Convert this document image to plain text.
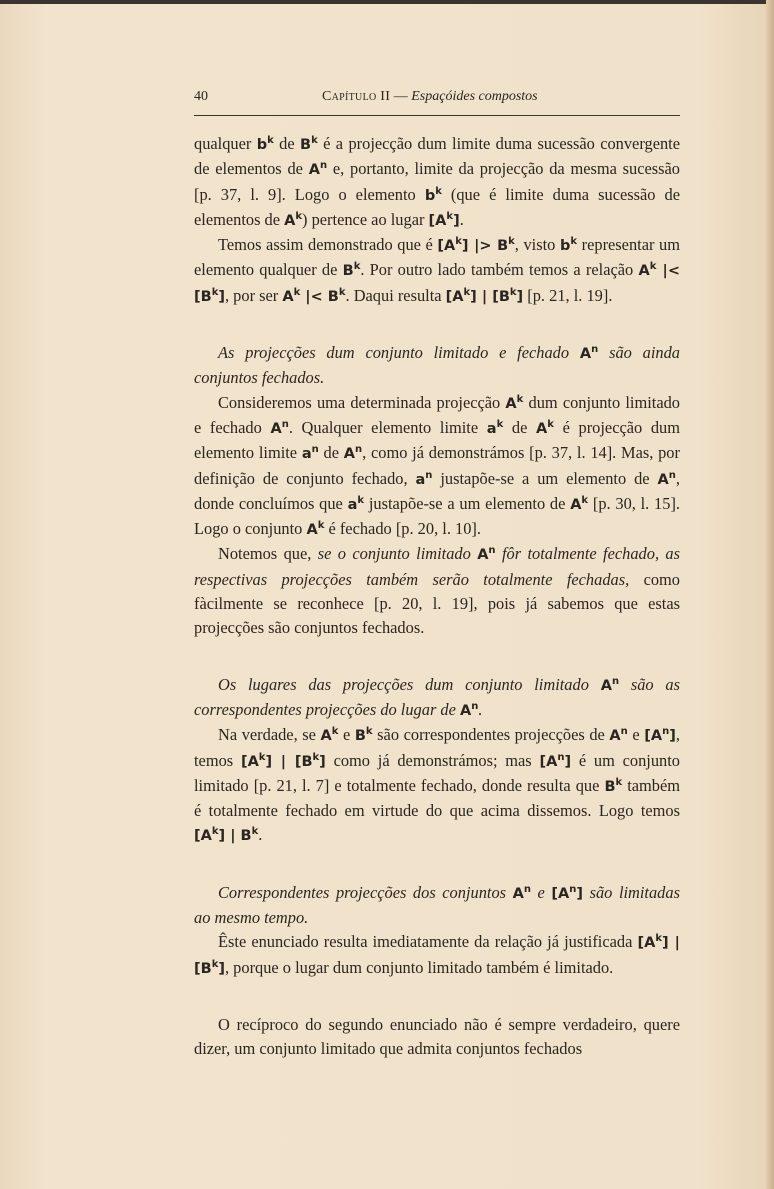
40	Capítulo II — Espaçóides compostos

qualquer $b^k$ de $B^k$ é a projecção dum limite duma sucessão convergente de elementos de $A^n$ e, portanto, limite da projecção da mesma sucessão [p. 37, l. 9]. Logo o elemento $b^k$ (que é limite duma sucessão de elementos de $A^k$) pertence ao lugar $[A^k]$.

Temos assim demonstrado que é $[A^k]$ |> $B^k$, visto $b^k$ representar um elemento qualquer de $B^k$. Por outro lado também temos a relação $A^k$ |< $[B^k]$, por ser $A^k$ |< $B^k$. Daqui resulta $[A^k]$ | $[B^k]$ [p. 21, l. 19].

As projecções dum conjunto limitado e fechado $A^n$ são ainda conjuntos fechados.

Consideremos uma determinada projecção $A^k$ dum conjunto limitado e fechado $A^n$. Qualquer elemento limite $a^k$ de $A^k$ é projecção dum elemento limite $a^n$ de $A^n$, como já demonstrámos [p. 37, l. 14]. Mas, por definição de conjunto fechado, $a^n$ justapõe-se a um elemento de $A^n$, donde concluímos que $a^k$ justapõe-se a um elemento de $A^k$ [p. 30, l. 15]. Logo o conjunto $A^k$ é fechado [p. 20, l. 10].

Notemos que, se o conjunto limitado $A^n$ fôr totalmente fechado, as respectivas projecções também serão totalmente fechadas, como fàcilmente se reconhece [p. 20, l. 19], pois já sabemos que estas projecções são conjuntos fechados.

Os lugares das projecções dum conjunto limitado $A^n$ são as correspondentes projecções do lugar de $A^n$.

Na verdade, se $A^k$ e $B^k$ são correspondentes projecções de $A^n$ e $[A^n]$, temos $[A^k]$ | $[B^k]$ como já demonstrámos; mas $[A^n]$ é um conjunto limitado [p. 21, l. 7] e totalmente fechado, donde resulta que $B^k$ também é totalmente fechado em virtude do que acima dissemos. Logo temos $[A^k]$ | $B^k$.

Correspondentes projecções dos conjuntos $A^n$ e $[A^n]$ são limitadas ao mesmo tempo.

Êste enunciado resulta imediatamente da relação já justificada $[A^k]$ | $[B^k]$, porque o lugar dum conjunto limitado também é limitado.

O recíproco do segundo enunciado não é sempre verdadeiro, quere dizer, um conjunto limitado que admita conjuntos fechados
